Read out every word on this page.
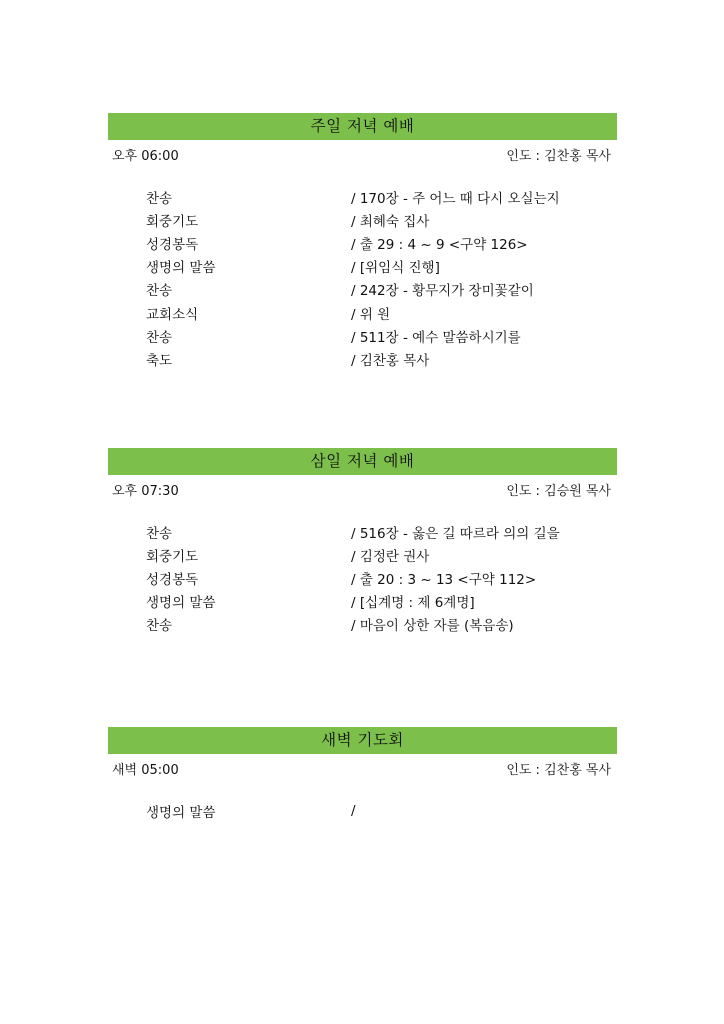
주일 저녁 예배
오후 06:00	인도 : 김찬홍 목사
찬송	/ 170장 - 주 어느 때 다시 오실는지
회중기도	/ 최혜숙 집사
성경봉독	/ 출 29 : 4 ~ 9 <구약 126>
생명의 말씀	/ [위임식 진행]
찬송	/ 242장 - 황무지가 장미꽃같이
교회소식	/ 위 원
찬송	/ 511장 - 예수 말씀하시기를
축도	/ 김찬홍 목사
삼일 저녁 예배
오후 07:30	인도 : 김승원 목사
찬송	/ 516장 - 옳은 길 따르라 의의 길을
회중기도	/ 김정란 권사
성경봉독	/ 출 20 : 3 ~ 13 <구약 112>
생명의 말씀	/ [십계명 : 제 6계명]
찬송	/ 마음이 상한 자를 (복음송)
새벽 기도회
새벽 05:00	인도 : 김찬홍 목사
생명의 말씀	/
